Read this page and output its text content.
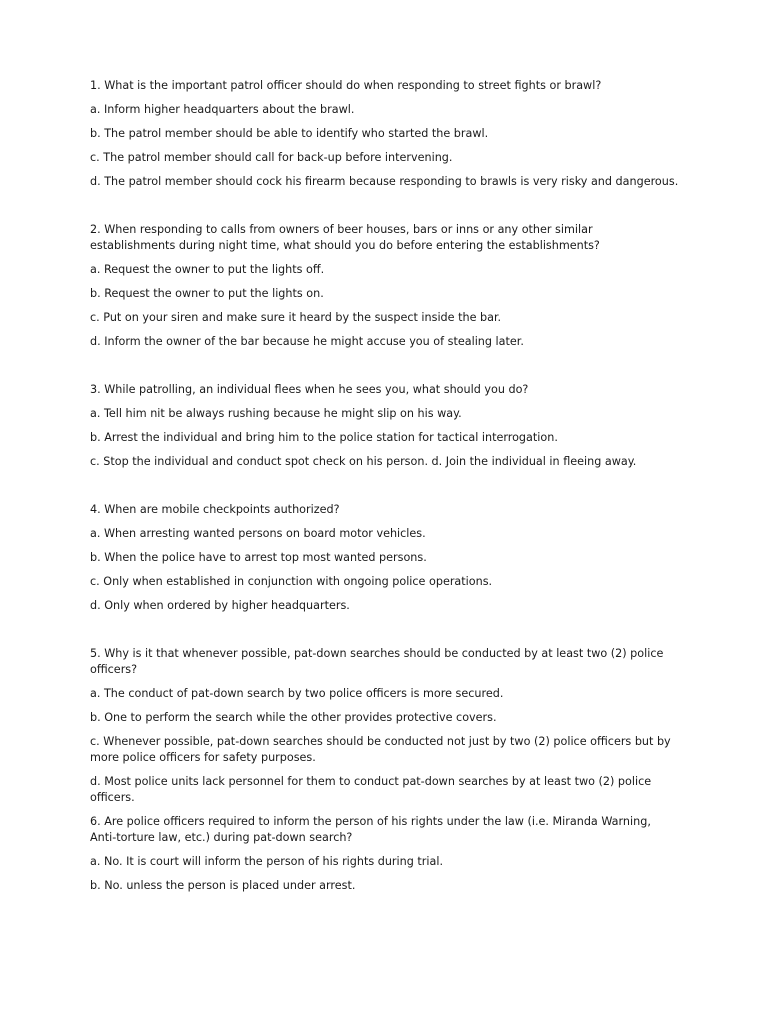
1. What is the important patrol officer should do when responding to street fights or brawl?
a. Inform higher headquarters about the brawl.
b. The patrol member should be able to identify who started the brawl.
c. The patrol member should call for back-up before intervening.
d. The patrol member should cock his firearm because responding to brawls is very risky and dangerous.
2. When responding to calls from owners of beer houses, bars or inns or any other similar establishments during night time, what should you do before entering the establishments?
a. Request the owner to put the lights off.
b. Request the owner to put the lights on.
c. Put on your siren and make sure it heard by the suspect inside the bar.
d. Inform the owner of the bar because he might accuse you of stealing later.
3. While patrolling, an individual flees when he sees you, what should you do?
a. Tell him nit be always rushing because he might slip on his way.
b. Arrest the individual and bring him to the police station for tactical interrogation.
c. Stop the individual and conduct spot check on his person. d. Join the individual in fleeing away.
4. When are mobile checkpoints authorized?
a. When arresting wanted persons on board motor vehicles.
b. When the police have to arrest top most wanted persons.
c. Only when established in conjunction with ongoing police operations.
d. Only when ordered by higher headquarters.
5. Why is it that whenever possible, pat-down searches should be conducted by at least two (2) police officers?
a. The conduct of pat-down search by two police officers is more secured.
b. One to perform the search while the other provides protective covers.
c. Whenever possible, pat-down searches should be conducted not just by two (2) police officers but by more police officers for safety purposes.
d. Most police units lack personnel for them to conduct pat-down searches by at least two (2) police officers.
6. Are police officers required to inform the person of his rights under the law (i.e. Miranda Warning, Anti-torture law, etc.) during pat-down search?
a. No. It is court will inform the person of his rights during trial.
b. No. unless the person is placed under arrest.
